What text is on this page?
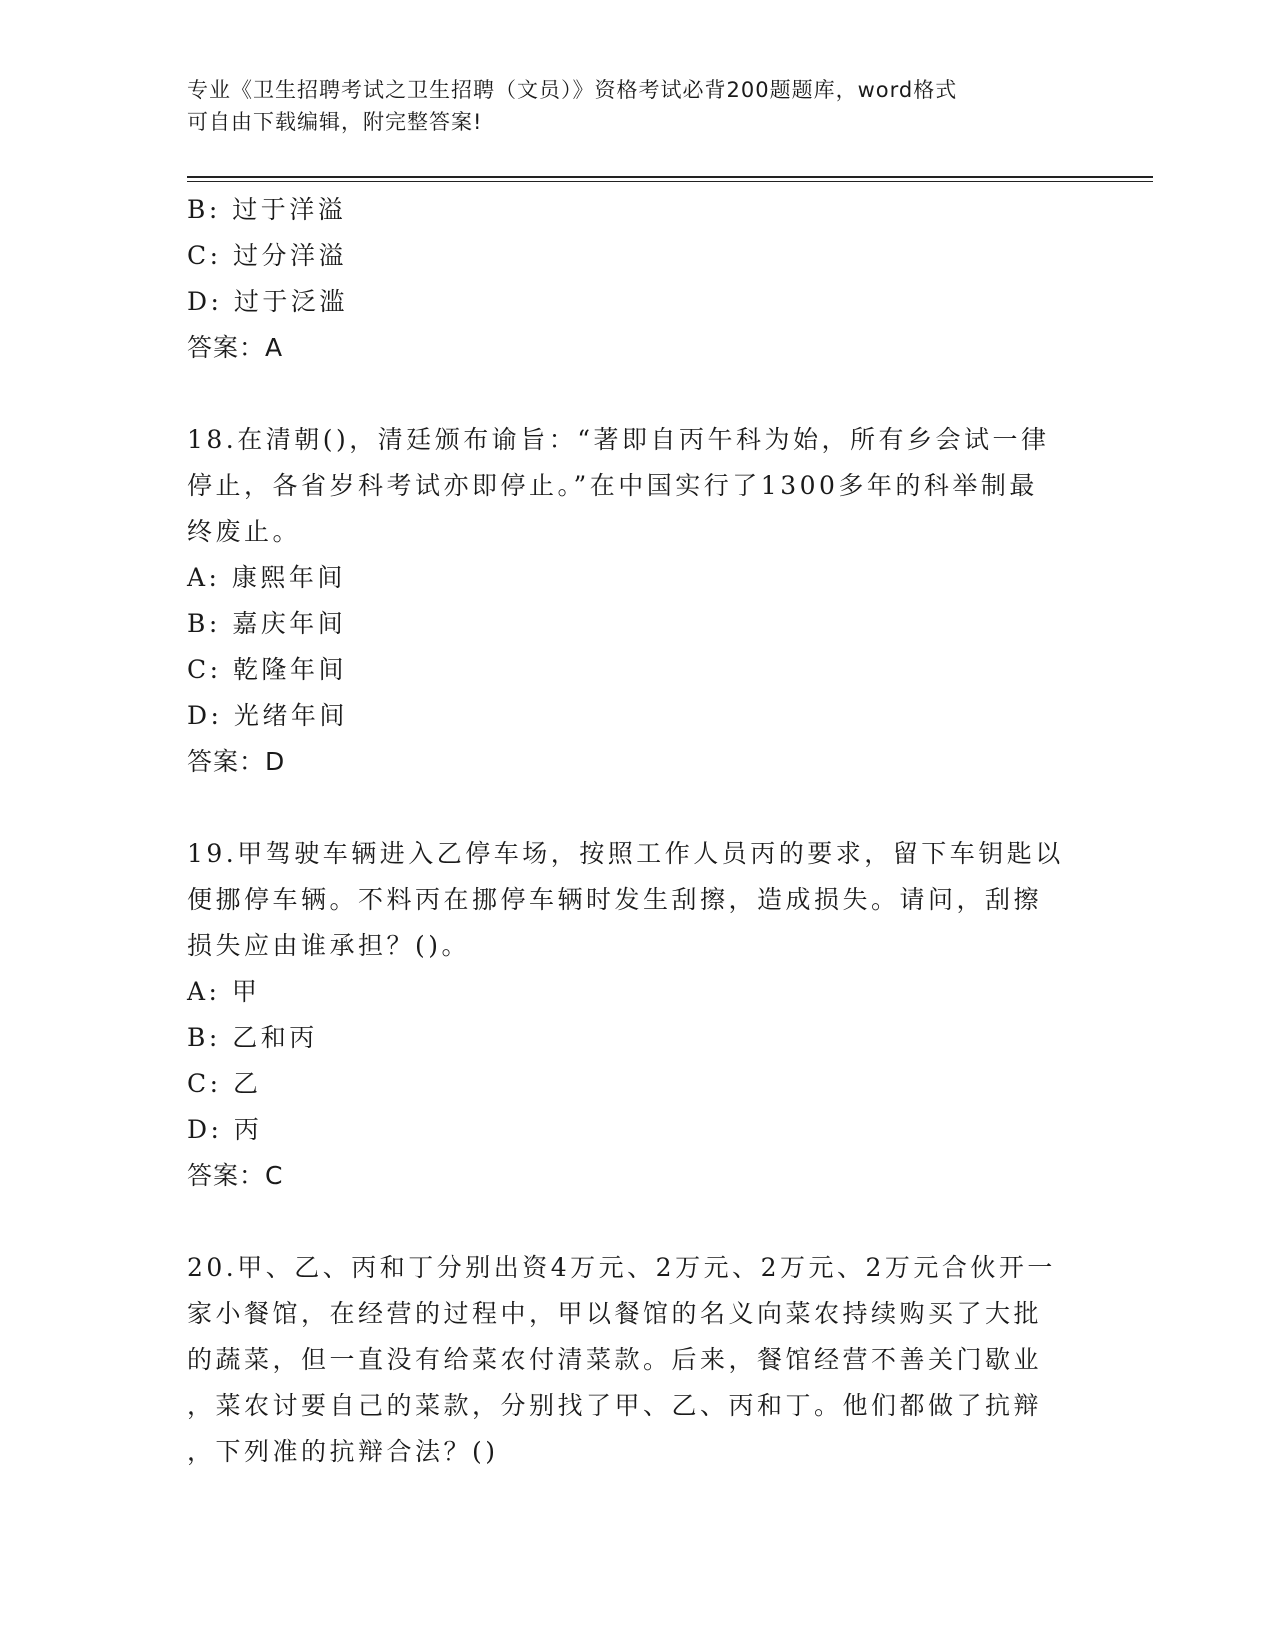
专业《卫生招聘考试之卫生招聘（文员）》资格考试必背200题题库，word格式
可自由下载编辑，附完整答案!
B: 过于洋溢
C: 过分洋溢
D: 过于泛滥
答案：A
18.在清朝()，清廷颁布谕旨：“著即自丙午科为始，所有乡会试一律
停止，各省岁科考试亦即停止。”在中国实行了1300多年的科举制最
终废止。
A: 康熙年间
B: 嘉庆年间
C: 乾隆年间
D: 光绪年间
答案：D
19.甲驾驶车辆进入乙停车场，按照工作人员丙的要求，留下车钥匙以
便挪停车辆。不料丙在挪停车辆时发生刮擦，造成损失。请问，刮擦
损失应由谁承担？()。
A: 甲
B: 乙和丙
C: 乙
D: 丙
答案：C
20.甲、乙、丙和丁分别出资4万元、2万元、2万元、2万元合伙开一
家小餐馆，在经营的过程中，甲以餐馆的名义向菜农持续购买了大批
的蔬菜，但一直没有给菜农付清菜款。后来，餐馆经营不善关门歇业
，菜农讨要自己的菜款，分别找了甲、乙、丙和丁。他们都做了抗辩
，下列准的抗辩合法？()
